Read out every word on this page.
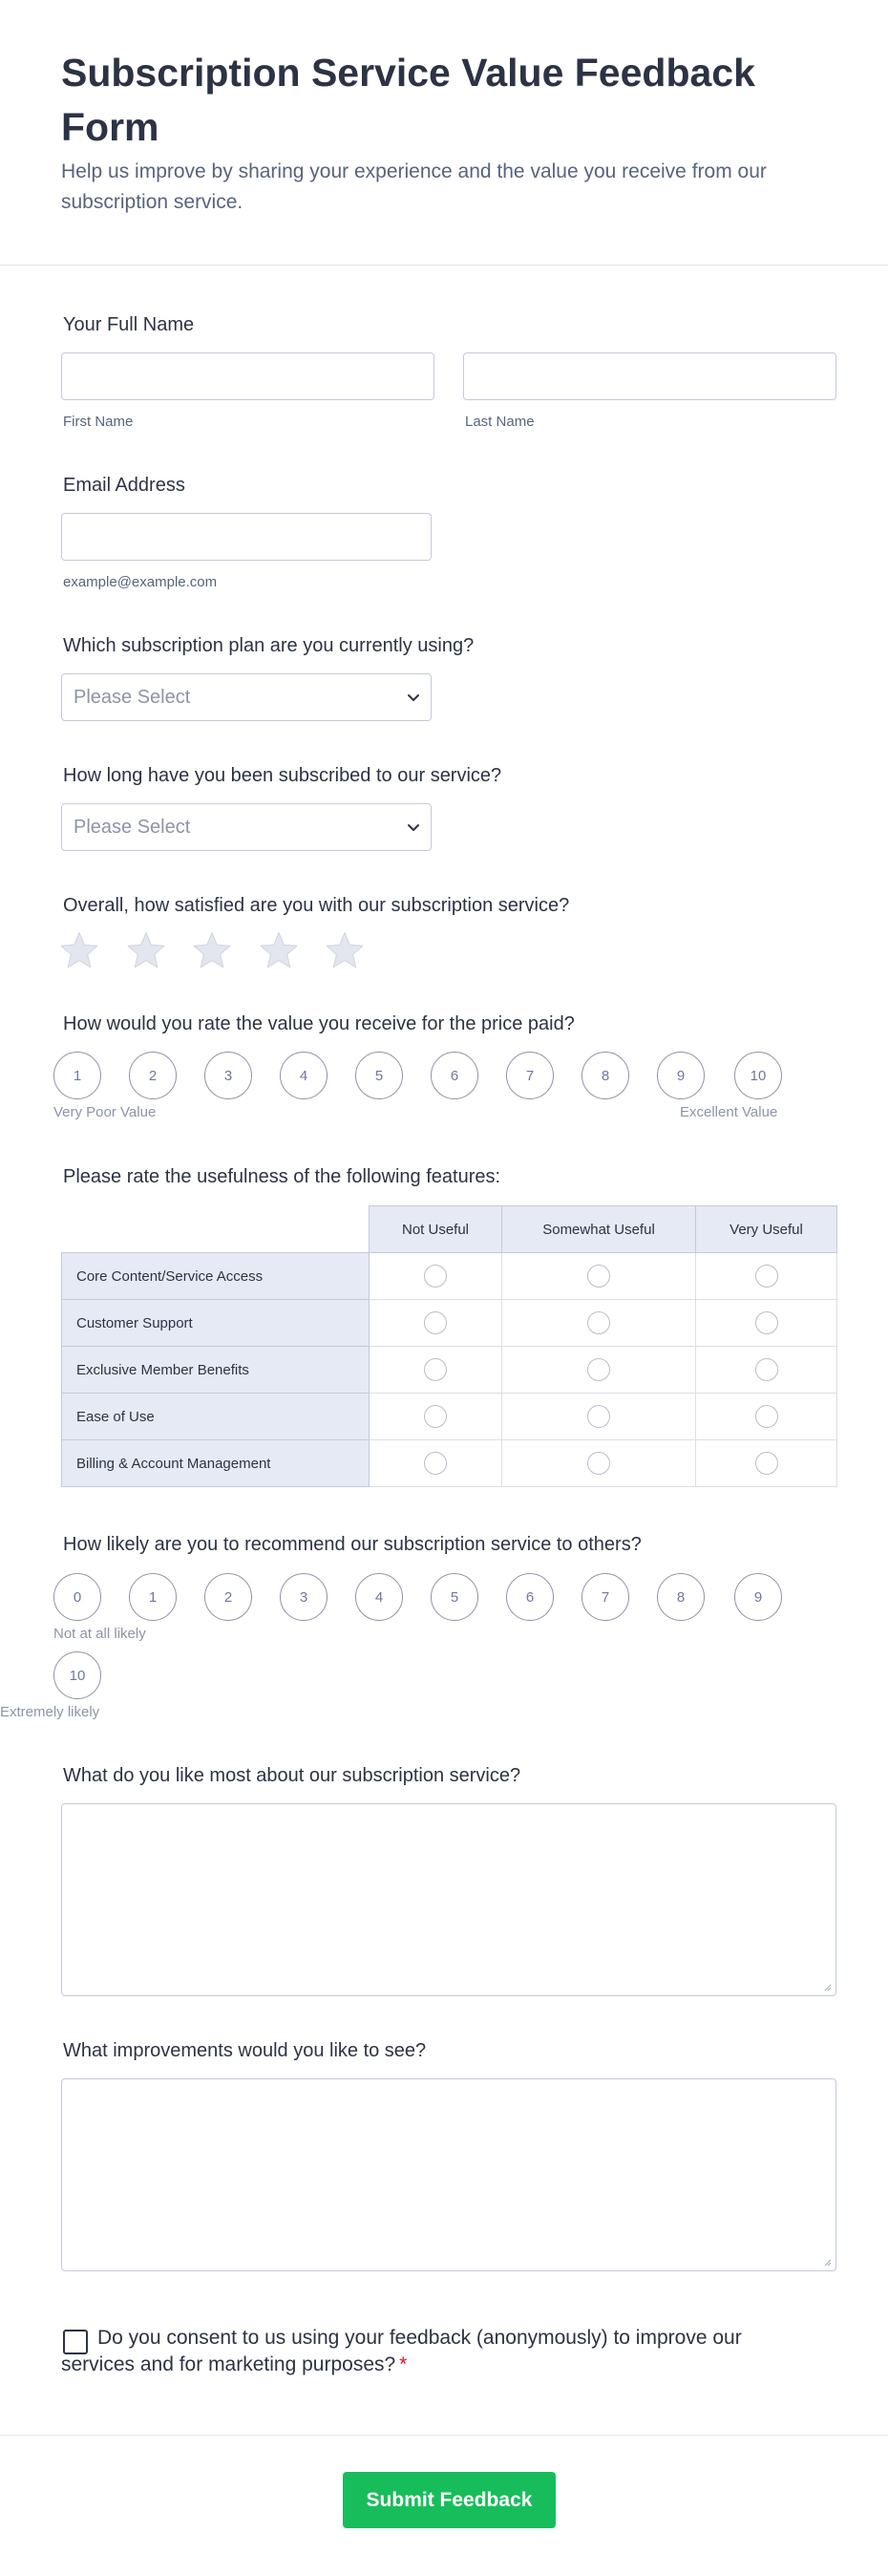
Subscription Service Value Feedback Form

Help us improve by sharing your experience and the value you receive from our subscription service.

Your Full Name
First Name	Last Name
Email Address
example@example.com
Which subscription plan are you currently using?
Please Select
How long have you been subscribed to our service?
Please Select
Overall, how satisfied are you with our subscription service?
How would you rate the value you receive for the price paid?
1	2	3	4	5	6	7	8	9	10
Very Poor Value	Excellent Value
Please rate the usefulness of the following features:
	Not Useful	Somewhat Useful	Very Useful
Core Content/Service Access			
Customer Support			
Exclusive Member Benefits			
Ease of Use			
Billing & Account Management			
How likely are you to recommend our subscription service to others?
0	1	2	3	4	5	6	7	8	9
Not at all likely
10
Extremely likely
What do you like most about our subscription service?
What improvements would you like to see?
Do you consent to us using your feedback (anonymously) to improve our services and for marketing purposes? *
Submit Feedback
